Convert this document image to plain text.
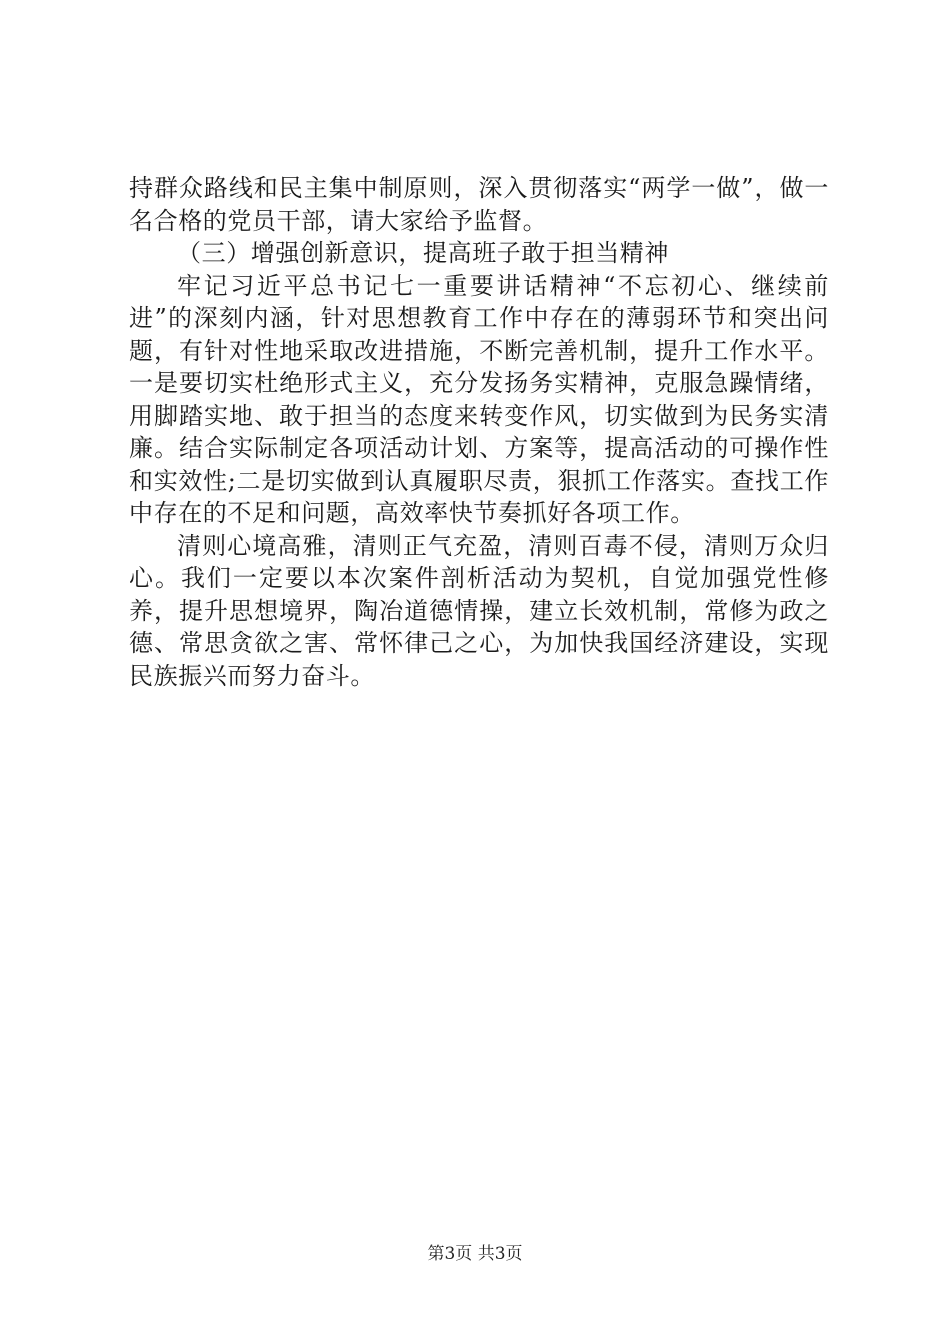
持群众路线和民主集中制原则，深入贯彻落实“两学一做”，做一名合格的党员干部，请大家给予监督。

（三）增强创新意识，提高班子敢于担当精神

牢记习近平总书记七一重要讲话精神“不忘初心、继续前进”的深刻内涵，针对思想教育工作中存在的薄弱环节和突出问题，有针对性地采取改进措施，不断完善机制，提升工作水平。一是要切实杜绝形式主义，充分发扬务实精神，克服急躁情绪，用脚踏实地、敢于担当的态度来转变作风，切实做到为民务实清廉。结合实际制定各项活动计划、方案等，提高活动的可操作性和实效性;二是切实做到认真履职尽责，狠抓工作落实。查找工作中存在的不足和问题，高效率快节奏抓好各项工作。

清则心境高雅，清则正气充盈，清则百毒不侵，清则万众归心。我们一定要以本次案件剖析活动为契机，自觉加强党性修养，提升思想境界，陶冶道德情操，建立长效机制，常修为政之德、常思贪欲之害、常怀律己之心，为加快我国经济建设，实现民族振兴而努力奋斗。

第3页 共3页
